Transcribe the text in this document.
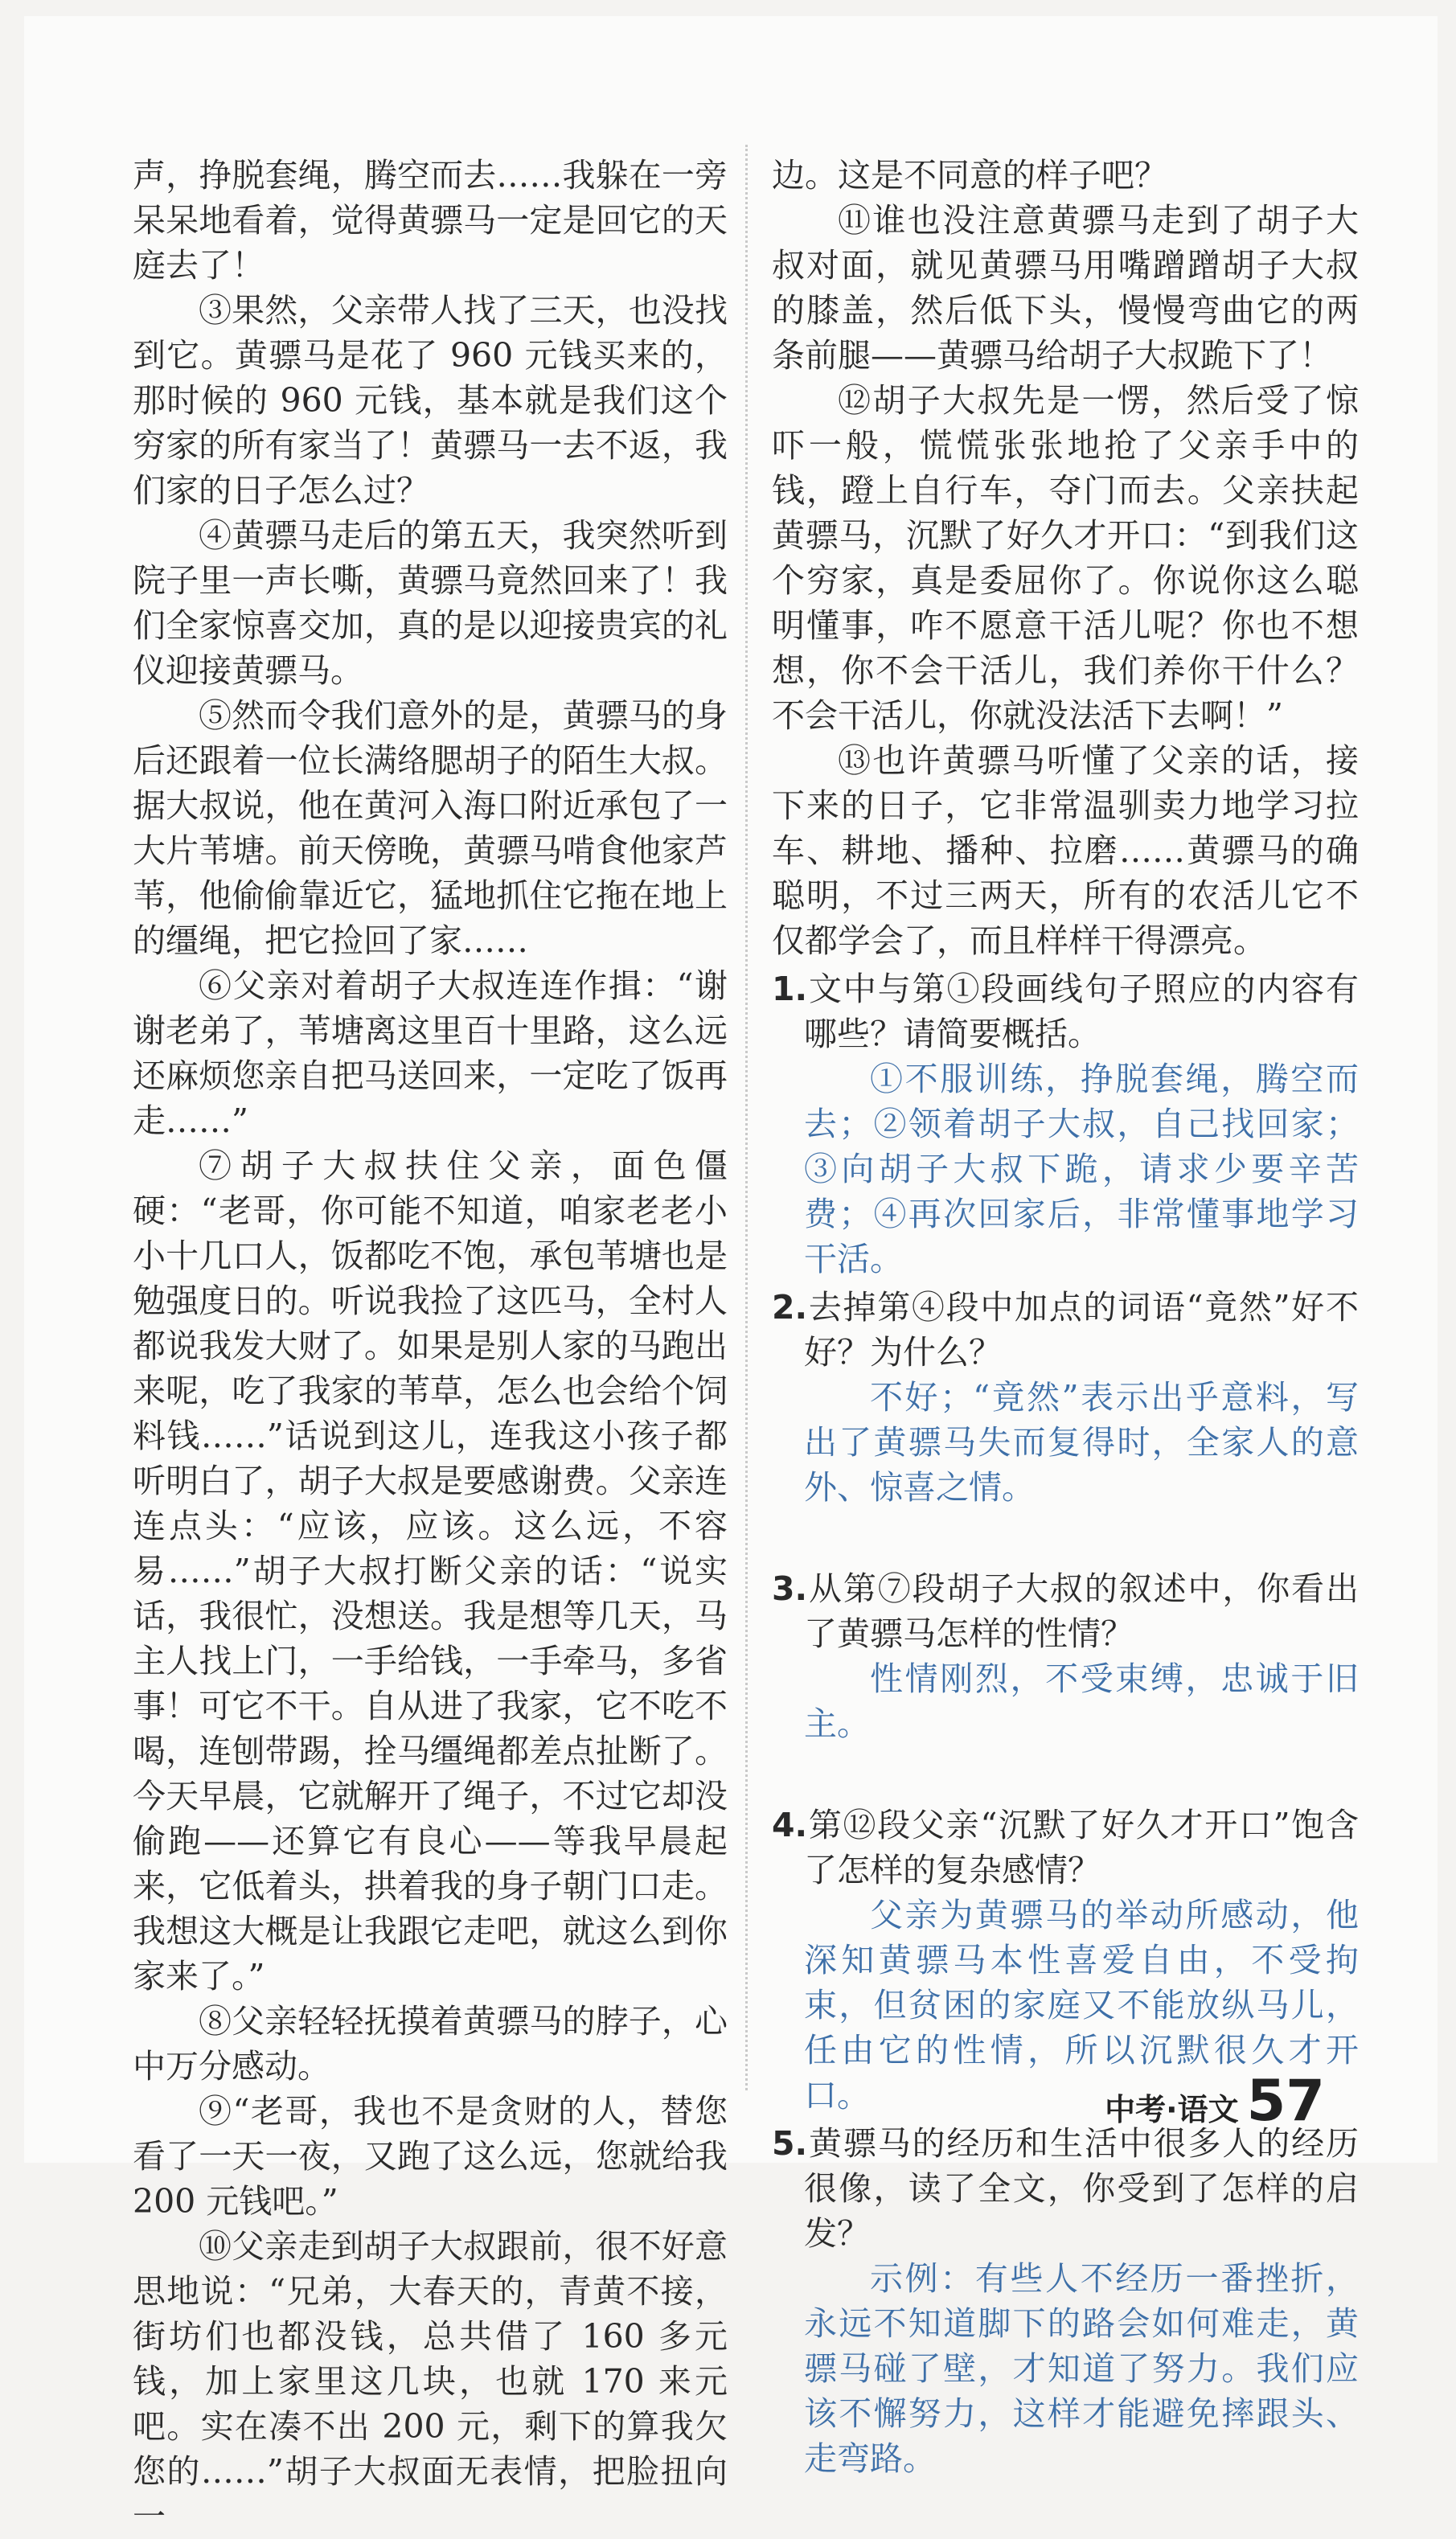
声，挣脱套绳，腾空而去……我躲在一旁呆呆地看着，觉得黄骠马一定是回它的天庭去了！

③果然，父亲带人找了三天，也没找到它。黄骠马是花了 960 元钱买来的，那时候的 960 元钱，基本就是我们这个穷家的所有家当了！黄骠马一去不返，我们家的日子怎么过？

④黄骠马走后的第五天，我突然听到院子里一声长嘶，黄骠马竟然回来了！我们全家惊喜交加，真的是以迎接贵宾的礼仪迎接黄骠马。

⑤然而令我们意外的是，黄骠马的身后还跟着一位长满络腮胡子的陌生大叔。据大叔说，他在黄河入海口附近承包了一大片苇塘。前天傍晚，黄骠马啃食他家芦苇，他偷偷靠近它，猛地抓住它拖在地上的缰绳，把它捡回了家……

⑥父亲对着胡子大叔连连作揖：“谢谢老弟了，苇塘离这里百十里路，这么远还麻烦您亲自把马送回来，一定吃了饭再走……”

⑦胡子大叔扶住父亲，面色僵硬：“老哥，你可能不知道，咱家老老小小十几口人，饭都吃不饱，承包苇塘也是勉强度日的。听说我捡了这匹马，全村人都说我发大财了。如果是别人家的马跑出来呢，吃了我家的苇草，怎么也会给个饲料钱……”话说到这儿，连我这小孩子都听明白了，胡子大叔是要感谢费。父亲连连点头：“应该，应该。这么远，不容易……”胡子大叔打断父亲的话：“说实话，我很忙，没想送。我是想等几天，马主人找上门，一手给钱，一手牵马，多省事！可它不干。自从进了我家，它不吃不喝，连刨带踢，拴马缰绳都差点扯断了。今天早晨，它就解开了绳子，不过它却没偷跑——还算它有良心——等我早晨起来，它低着头，拱着我的身子朝门口走。我想这大概是让我跟它走吧，就这么到你家来了。”

⑧父亲轻轻抚摸着黄骠马的脖子，心中万分感动。

⑨“老哥，我也不是贪财的人，替您看了一天一夜，又跑了这么远，您就给我 200 元钱吧。”

⑩父亲走到胡子大叔跟前，很不好意思地说：“兄弟，大春天的，青黄不接，街坊们也都没钱，总共借了 160 多元钱，加上家里这几块，也就 170 来元吧。实在凑不出 200 元，剩下的算我欠您的……”胡子大叔面无表情，把脸扭向一

边。这是不同意的样子吧？

⑪谁也没注意黄骠马走到了胡子大叔对面，就见黄骠马用嘴蹭蹭胡子大叔的膝盖，然后低下头，慢慢弯曲它的两条前腿——黄骠马给胡子大叔跪下了！

⑫胡子大叔先是一愣，然后受了惊吓一般，慌慌张张地抢了父亲手中的钱，蹬上自行车，夺门而去。父亲扶起黄骠马，沉默了好久才开口：“到我们这个穷家，真是委屈你了。你说你这么聪明懂事，咋不愿意干活儿呢？你也不想想，你不会干活儿，我们养你干什么？不会干活儿，你就没法活下去啊！”

⑬也许黄骠马听懂了父亲的话，接下来的日子，它非常温驯卖力地学习拉车、耕地、播种、拉磨……黄骠马的确聪明，不过三两天，所有的农活儿它不仅都学会了，而且样样干得漂亮。

1.文中与第①段画线句子照应的内容有哪些？请简要概括。

①不服训练，挣脱套绳，腾空而去；②领着胡子大叔，自己找回家；③向胡子大叔下跪，请求少要辛苦费；④再次回家后，非常懂事地学习干活。

2.去掉第④段中加点的词语“竟然”好不好？为什么？

不好；“竟然”表示出乎意料，写出了黄骠马失而复得时，全家人的意外、惊喜之情。

3.从第⑦段胡子大叔的叙述中，你看出了黄骠马怎样的性情？

性情刚烈，不受束缚，忠诚于旧主。

4.第⑫段父亲“沉默了好久才开口”饱含了怎样的复杂感情？

父亲为黄骠马的举动所感动，他深知黄骠马本性喜爱自由，不受拘束，但贫困的家庭又不能放纵马儿，任由它的性情，所以沉默很久才开口。

5.黄骠马的经历和生活中很多人的经历很像，读了全文，你受到了怎样的启发？

示例：有些人不经历一番挫折，永远不知道脚下的路会如何难走，黄骠马碰了壁，才知道了努力。我们应该不懈努力，这样才能避免摔跟头、走弯路。

中考·语文 57
